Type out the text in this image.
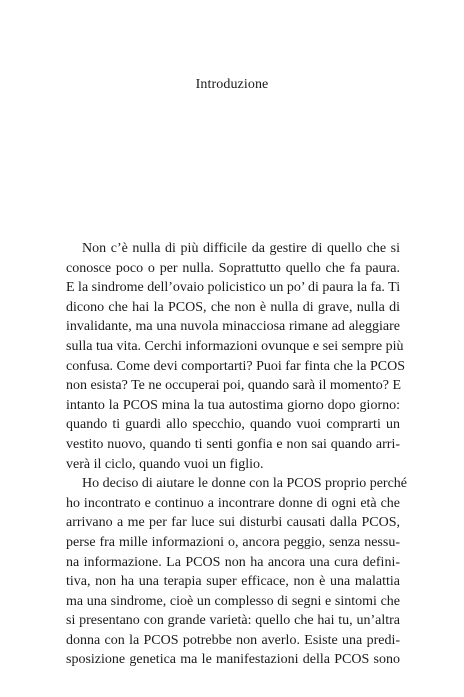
Introduzione
Non c’è nulla di più difficile da gestire di quello che si
conosce poco o per nulla. Soprattutto quello che fa paura.
E la sindrome dell’ovaio policistico un po’ di paura la fa. Ti
dicono che hai la PCOS, che non è nulla di grave, nulla di
invalidante, ma una nuvola minacciosa rimane ad aleggiare
sulla tua vita. Cerchi informazioni ovunque e sei sempre più
confusa. Come devi comportarti? Puoi far finta che la PCOS
non esista? Te ne occuperai poi, quando sarà il momento? E
intanto la PCOS mina la tua autostima giorno dopo giorno:
quando ti guardi allo specchio, quando vuoi comprarti un
vestito nuovo, quando ti senti gonfia e non sai quando arri-
verà il ciclo, quando vuoi un figlio.
Ho deciso di aiutare le donne con la PCOS proprio perché
ho incontrato e continuo a incontrare donne di ogni età che
arrivano a me per far luce sui disturbi causati dalla PCOS,
perse fra mille informazioni o, ancora peggio, senza nessu-
na informazione. La PCOS non ha ancora una cura defini-
tiva, non ha una terapia super efficace, non è una malattia
ma una sindrome, cioè un complesso di segni e sintomi che
si presentano con grande varietà: quello che hai tu, un’altra
donna con la PCOS potrebbe non averlo. Esiste una predi-
sposizione genetica ma le manifestazioni della PCOS sono
